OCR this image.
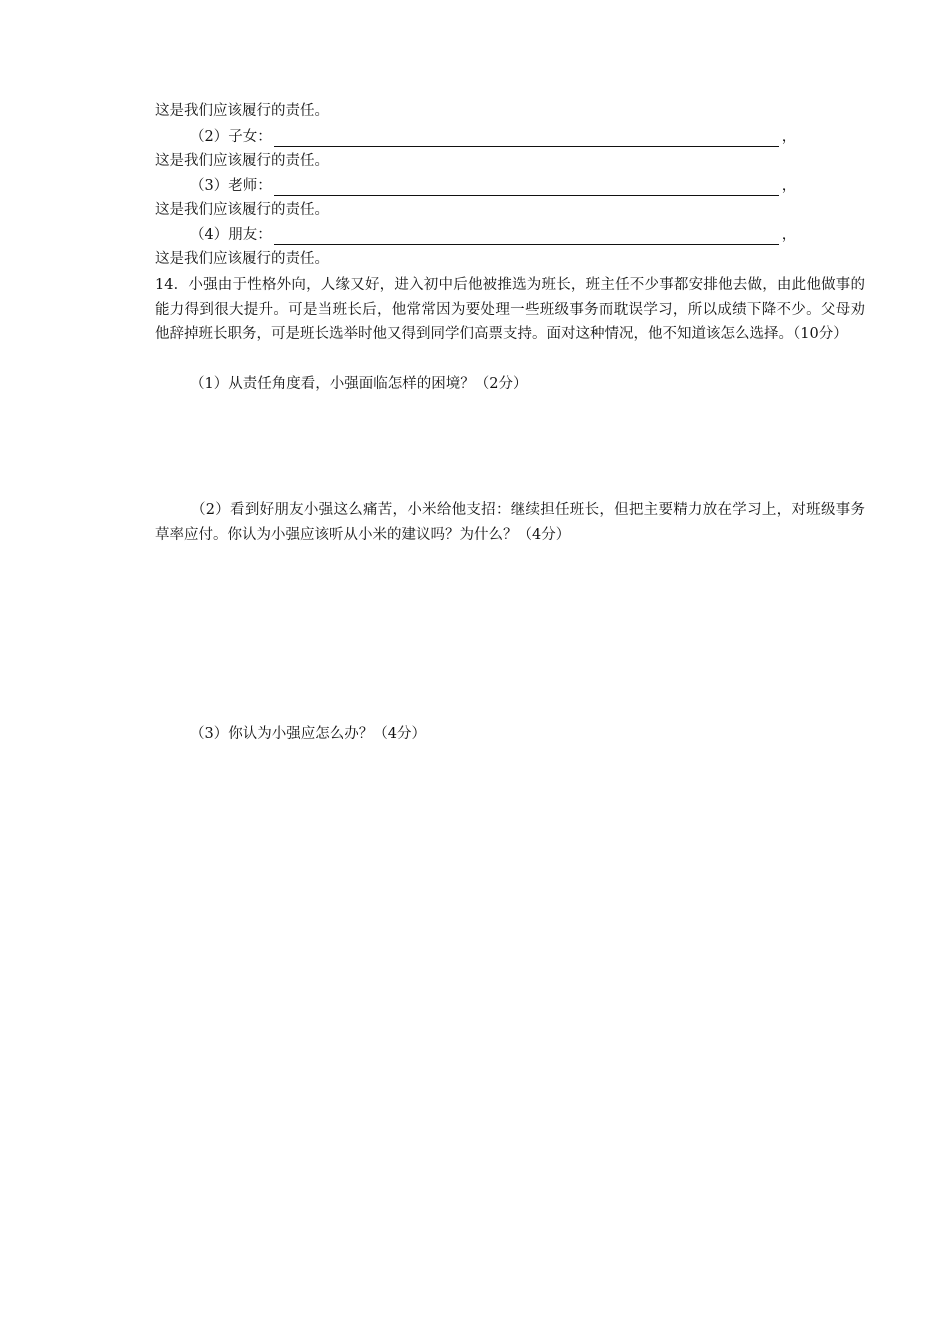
这是我们应该履行的责任。
（2）子女：	，
这是我们应该履行的责任。
（3）老师：	，
这是我们应该履行的责任。
（4）朋友：	，
这是我们应该履行的责任。
14．小强由于性格外向，人缘又好，进入初中后他被推选为班长，班主任不少事都安排他去做，由此他做事的能力得到很大提升。可是当班长后，他常常因为要处理一些班级事务而耽误学习，所以成绩下降不少。父母劝他辞掉班长职务，可是班长选举时他又得到同学们高票支持。面对这种情况，他不知道该怎么选择。（10分）
（1）从责任角度看，小强面临怎样的困境？（2分）
（2）看到好朋友小强这么痛苦，小米给他支招：继续担任班长，但把主要精力放在学习上，对班级事务草率应付。你认为小强应该听从小米的建议吗？为什么？（4分）
（3）你认为小强应怎么办？（4分）
